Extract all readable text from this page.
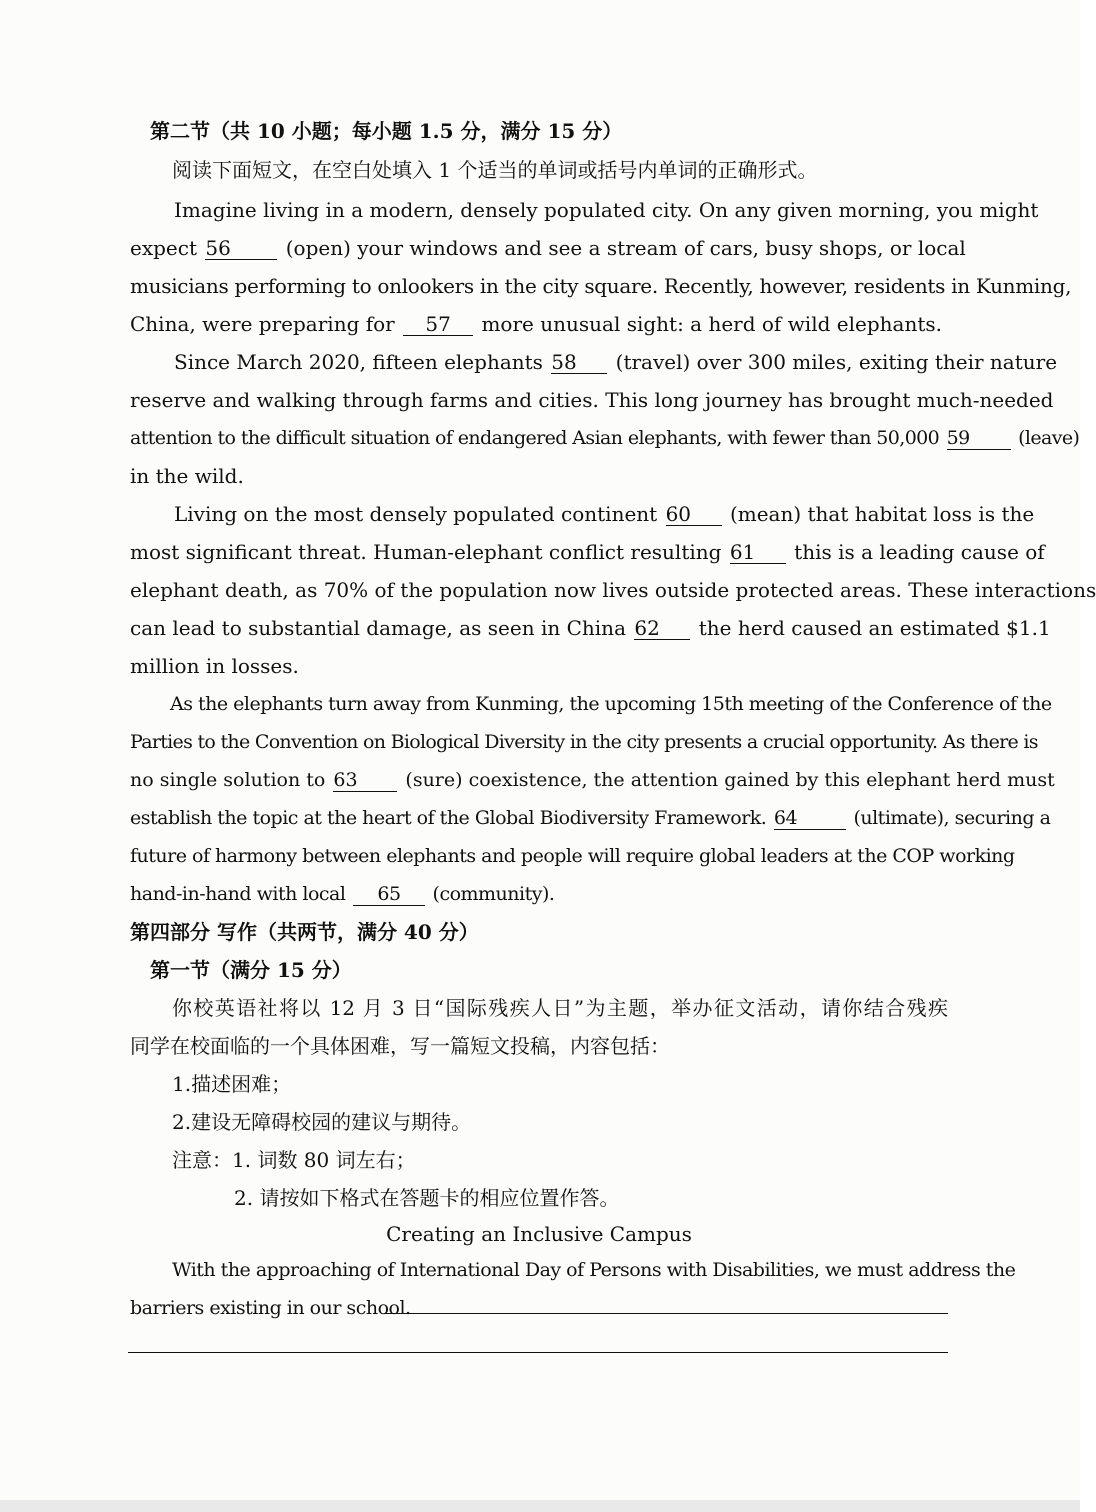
第二节（共 10 小题；每小题 1.5 分，满分 15 分）
阅读下面短文，在空白处填入 1 个适当的单词或括号内单词的正确形式。
Imagine living in a modern, densely populated city. On any given morning, you might
expect 56	(open) your windows and see a stream of cars, busy shops, or local
musicians performing to onlookers in the city square. Recently, however, residents in Kunming,
China, were preparing for 57 more unusual sight: a herd of wild elephants.
Since March 2020, fifteen elephants 58 (travel) over 300 miles, exiting their nature
reserve and walking through farms and cities. This long journey has brought much-needed
attention to the difficult situation of endangered Asian elephants, with fewer than 50,000 59	(leave)
in the wild.
Living on the most densely populated continent 60 (mean) that habitat loss is the
most significant threat. Human-elephant conflict resulting 61 this is a leading cause of
elephant death, as 70% of the population now lives outside protected areas. These interactions
can lead to substantial damage, as seen in China 62 the herd caused an estimated $1.1
million in losses.
As the elephants turn away from Kunming, the upcoming 15th meeting of the Conference of the
Parties to the Convention on Biological Diversity in the city presents a crucial opportunity. As there is
no single solution to 63	(sure) coexistence, the attention gained by this elephant herd must
establish the topic at the heart of the Global Biodiversity Framework. 64	(ultimate), securing a
future of harmony between elephants and people will require global leaders at the COP working
hand-in-hand with local 65 (community).
第四部分 写作（共两节，满分 40 分）
第一节（满分 15 分）
你校英语社将以 12 月 3 日“国际残疾人日”为主题，举办征文活动，请你结合残疾
同学在校面临的一个具体困难，写一篇短文投稿，内容包括：
1.描述困难；
2.建设无障碍校园的建议与期待。
注意：1. 词数 80 词左右；
2. 请按如下格式在答题卡的相应位置作答。
Creating an Inclusive Campus
With the approaching of International Day of Persons with Disabilities, we must address the
barriers existing in our school.
